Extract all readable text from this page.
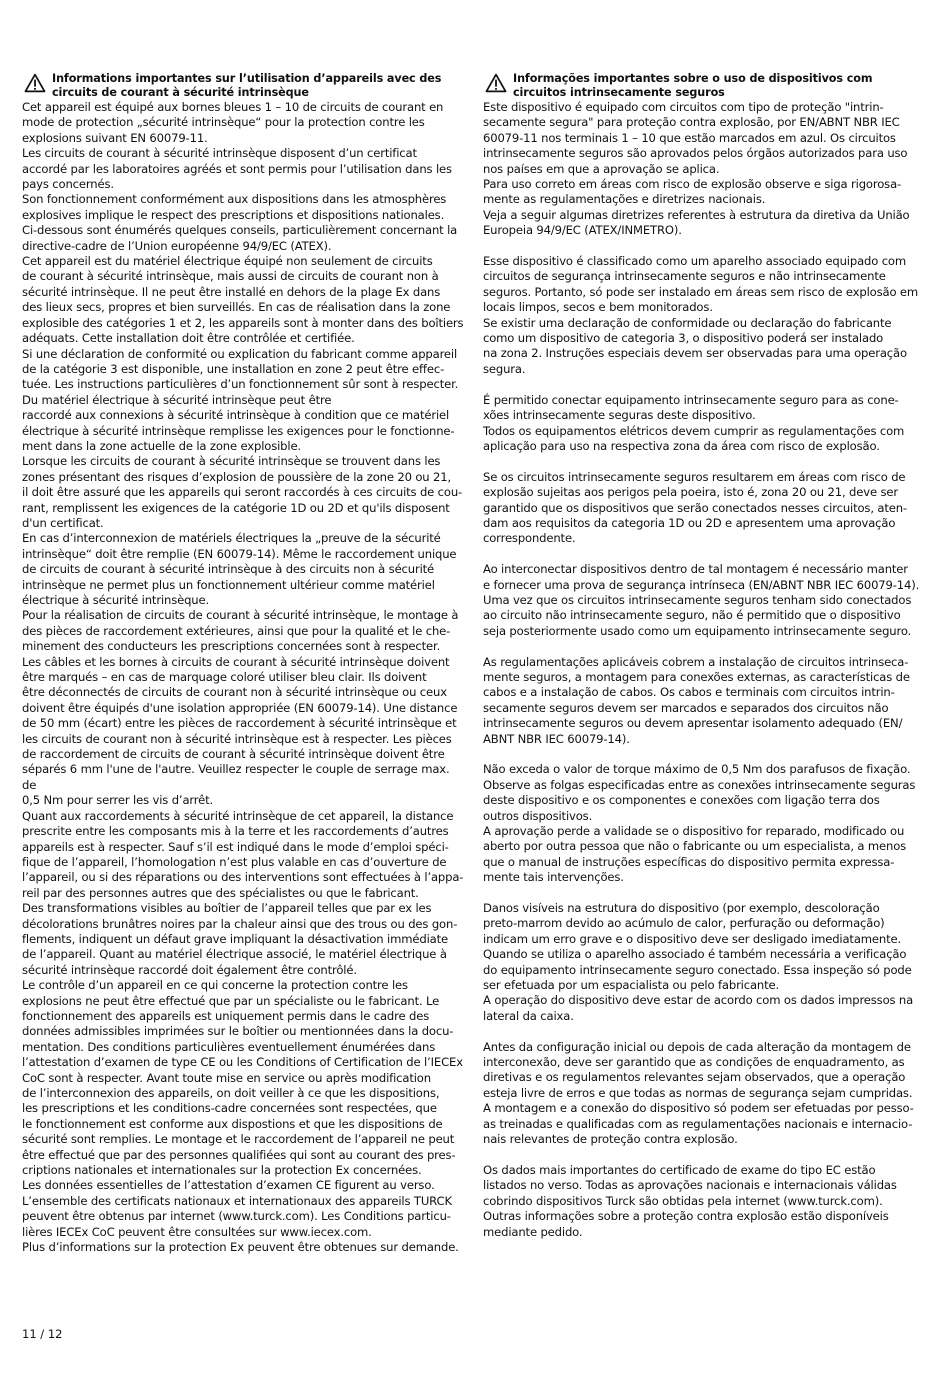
Informations importantes sur l’utilisation d’appareils avec des
circuits de courant à sécurité intrinsèque

Cet appareil est équipé aux bornes bleues 1 – 10 de circuits de courant en
mode de protection „sécurité intrinsèque“ pour la protection contre les
explosions suivant EN 60079-11.

Les circuits de courant à sécurité intrinsèque disposent d’un certificat
accordé par les laboratoires agréés et sont permis pour l’utilisation dans les
pays concernés.

Son fonctionnement conformément aux dispositions dans les atmosphères
explosives implique le respect des prescriptions et dispositions nationales.
Ci-dessous sont énumérés quelques conseils, particulièrement concernant la
directive-cadre de l’Union européenne 94/9/EC (ATEX).

Cet appareil est du matériel électrique équipé non seulement de circuits
de courant à sécurité intrinsèque, mais aussi de circuits de courant non à
sécurité intrinsèque. Il ne peut être installé en dehors de la plage Ex dans
des lieux secs, propres et bien surveillés. En cas de réalisation dans la zone
explosible des catégories 1 et 2, les appareils sont à monter dans des boîtiers
adéquats. Cette installation doit être contrôlée et certifiée.

Si une déclaration de conformité ou explication du fabricant comme appareil
de la catégorie 3 est disponible, une installation en zone 2 peut être effec-
tuée. Les instructions particulières d’un fonctionnement sûr sont à respecter.

Du matériel électrique à sécurité intrinsèque peut être
raccordé aux connexions à sécurité intrinsèque à condition que ce matériel
électrique à sécurité intrinsèque remplisse les exigences pour le fonctionne-
ment dans la zone actuelle de la zone explosible.

Lorsque les circuits de courant à sécurité intrinsèque se trouvent dans les
zones présentant des risques d’explosion de poussière de la zone 20 ou 21,
il doit être assuré que les appareils qui seront raccordés à ces circuits de cou-
rant, remplissent les exigences de la catégorie 1D ou 2D et qu'ils disposent
d'un certificat.

En cas d’interconnexion de matériels électriques la „preuve de la sécurité
intrinsèque“ doit être remplie (EN 60079-14). Même le raccordement unique
de circuits de courant à sécurité intrinsèque à des circuits non à sécurité
intrinsèque ne permet plus un fonctionnement ultérieur comme matériel
électrique à sécurité intrinsèque.

Pour la réalisation de circuits de courant à sécurité intrinsèque, le montage à
des pièces de raccordement extérieures, ainsi que pour la qualité et le che-
minement des conducteurs les prescriptions concernées sont à respecter.

Les câbles et les bornes à circuits de courant à sécurité intrinsèque doivent
être marqués – en cas de marquage coloré utiliser bleu clair. Ils doivent
être déconnectés de circuits de courant non à sécurité intrinsèque ou ceux
doivent être équipés d'une isolation appropriée (EN 60079-14). Une distance
de 50 mm (écart) entre les pièces de raccordement à sécurité intrinsèque et
les circuits de courant non à sécurité intrinsèque est à respecter. Les pièces
de raccordement de circuits de courant à sécurité intrinsèque doivent être
séparés 6 mm l'une de l'autre. Veuillez respecter le couple de serrage max. de
0,5 Nm pour serrer les vis d’arrêt.

Quant aux raccordements à sécurité intrinsèque de cet appareil, la distance
prescrite entre les composants mis à la terre et les raccordements d’autres
appareils est à respecter. Sauf s’il est indiqué dans le mode d’emploi spéci-
fique de l’appareil, l’homologation n’est plus valable en cas d’ouverture de
l’appareil, ou si des réparations ou des interventions sont effectuées à l’appa-
reil par des personnes autres que des spécialistes ou que le fabricant.

Des transformations visibles au boîtier de l’appareil telles que par ex les
décolorations brunâtres noires par la chaleur ainsi que des trous ou des gon-
flements, indiquent un défaut grave impliquant la désactivation immédiate
de l’appareil. Quant au matériel électrique associé, le matériel électrique à
sécurité intrinsèque raccordé doit également être contrôlé.

Le contrôle d’un appareil en ce qui concerne la protection contre les
explosions ne peut être effectué que par un spécialiste ou le fabricant. Le
fonctionnement des appareils est uniquement permis dans le cadre des
données admissibles imprimées sur le boîtier ou mentionnées dans la docu-
mentation. Des conditions particulières eventuellement énumérées dans
l’attestation d’examen de type CE ou les Conditions of Certification de l’IECEx
CoC sont à respecter. Avant toute mise en service ou après modification
de l’interconnexion des appareils, on doit veiller à ce que les dispositions,
les prescriptions et les conditions-cadre concernées sont respectées, que
le fonctionnement est conforme aux dispostions et que les dispositions de
sécurité sont remplies. Le montage et le raccordement de l’appareil ne peut
être effectué que par des personnes qualifiées qui sont au courant des pres-
criptions nationales et internationales sur la protection Ex concernées.

Les données essentielles de l’attestation d’examen CE figurent au verso.
L’ensemble des certificats nationaux et internationaux des appareils TURCK
peuvent être obtenus par internet (www.turck.com). Les Conditions particu-
lières IECEx CoC peuvent être consultées sur www.iecex.com.

Plus d’informations sur la protection Ex peuvent être obtenues sur demande.

Informações importantes sobre o uso de dispositivos com
circuitos intrinsecamente seguros

Este dispositivo é equipado com circuitos com tipo de proteção "intrin-
secamente segura" para proteção contra explosão, por EN/ABNT NBR IEC
60079-11 nos terminais 1 – 10 que estão marcados em azul. Os circuitos
intrinsecamente seguros são aprovados pelos órgãos autorizados para uso
nos países em que a aprovação se aplica.

Para uso correto em áreas com risco de explosão observe e siga rigorosa-
mente as regulamentações e diretrizes nacionais.

Veja a seguir algumas diretrizes referentes à estrutura da diretiva da União
Europeia 94/9/EC (ATEX/INMETRO).

Esse dispositivo é classificado como um aparelho associado equipado com
circuitos de segurança intrinsecamente seguros e não intrinsecamente
seguros. Portanto, só pode ser instalado em áreas sem risco de explosão em
locais limpos, secos e bem monitorados.

Se existir uma declaração de conformidade ou declaração do fabricante
como um dispositivo de categoria 3, o dispositivo poderá ser instalado
na zona 2. Instruções especiais devem ser observadas para uma operação
segura.

É permitido conectar equipamento intrinsecamente seguro para as cone-
xões intrinsecamente seguras deste dispositivo.

Todos os equipamentos elétricos devem cumprir as regulamentações com
aplicação para uso na respectiva zona da área com risco de explosão.

Se os circuitos intrinsecamente seguros resultarem em áreas com risco de
explosão sujeitas aos perigos pela poeira, isto é, zona 20 ou 21, deve ser
garantido que os dispositivos que serão conectados nesses circuitos, aten-
dam aos requisitos da categoria 1D ou 2D e apresentem uma aprovação
correspondente.

Ao interconectar dispositivos dentro de tal montagem é necessário manter
e fornecer uma prova de segurança intrínseca (EN/ABNT NBR IEC 60079-14).
Uma vez que os circuitos intrinsecamente seguros tenham sido conectados
ao circuito não intrinsecamente seguro, não é permitido que o dispositivo
seja posteriormente usado como um equipamento intrinsecamente seguro.

As regulamentações aplicáveis cobrem a instalação de circuitos intrinseca-
mente seguros, a montagem para conexões externas, as características de
cabos e a instalação de cabos. Os cabos e terminais com circuitos intrin-
secamente seguros devem ser marcados e separados dos circuitos não
intrinsecamente seguros ou devem apresentar isolamento adequado (EN/
ABNT NBR IEC 60079-14).

Não exceda o valor de torque máximo de 0,5 Nm dos parafusos de fixação.

Observe as folgas especificadas entre as conexões intrinsecamente seguras
deste dispositivo e os componentes e conexões com ligação terra dos
outros dispositivos.

A aprovação perde a validade se o dispositivo for reparado, modificado ou
aberto por outra pessoa que não o fabricante ou um especialista, a menos
que o manual de instruções específicas do dispositivo permita expressa-
mente tais intervenções.

Danos visíveis na estrutura do dispositivo (por exemplo, descoloração
preto-marrom devido ao acúmulo de calor, perfuração ou deformação)
indicam um erro grave e o dispositivo deve ser desligado imediatamente.

Quando se utiliza o aparelho associado é também necessária a verificação
do equipamento intrinsecamente seguro conectado. Essa inspeção só pode
ser efetuada por um espacialista ou pelo fabricante.

A operação do dispositivo deve estar de acordo com os dados impressos na
lateral da caixa.

Antes da configuração inicial ou depois de cada alteração da montagem de
interconexão, deve ser garantido que as condições de enquadramento, as
diretivas e os regulamentos relevantes sejam observados, que a operação
esteja livre de erros e que todas as normas de segurança sejam cumpridas.

A montagem e a conexão do dispositivo só podem ser efetuadas por pesso-
as treinadas e qualificadas com as regulamentações nacionais e internacio-
nais relevantes de proteção contra explosão.

Os dados mais importantes do certificado de exame do tipo EC estão
listados no verso. Todas as aprovações nacionais e internacionais válidas
cobrindo dispositivos Turck são obtidas pela internet (www.turck.com).
Outras informações sobre a proteção contra explosão estão disponíveis
mediante pedido.

11 / 12
